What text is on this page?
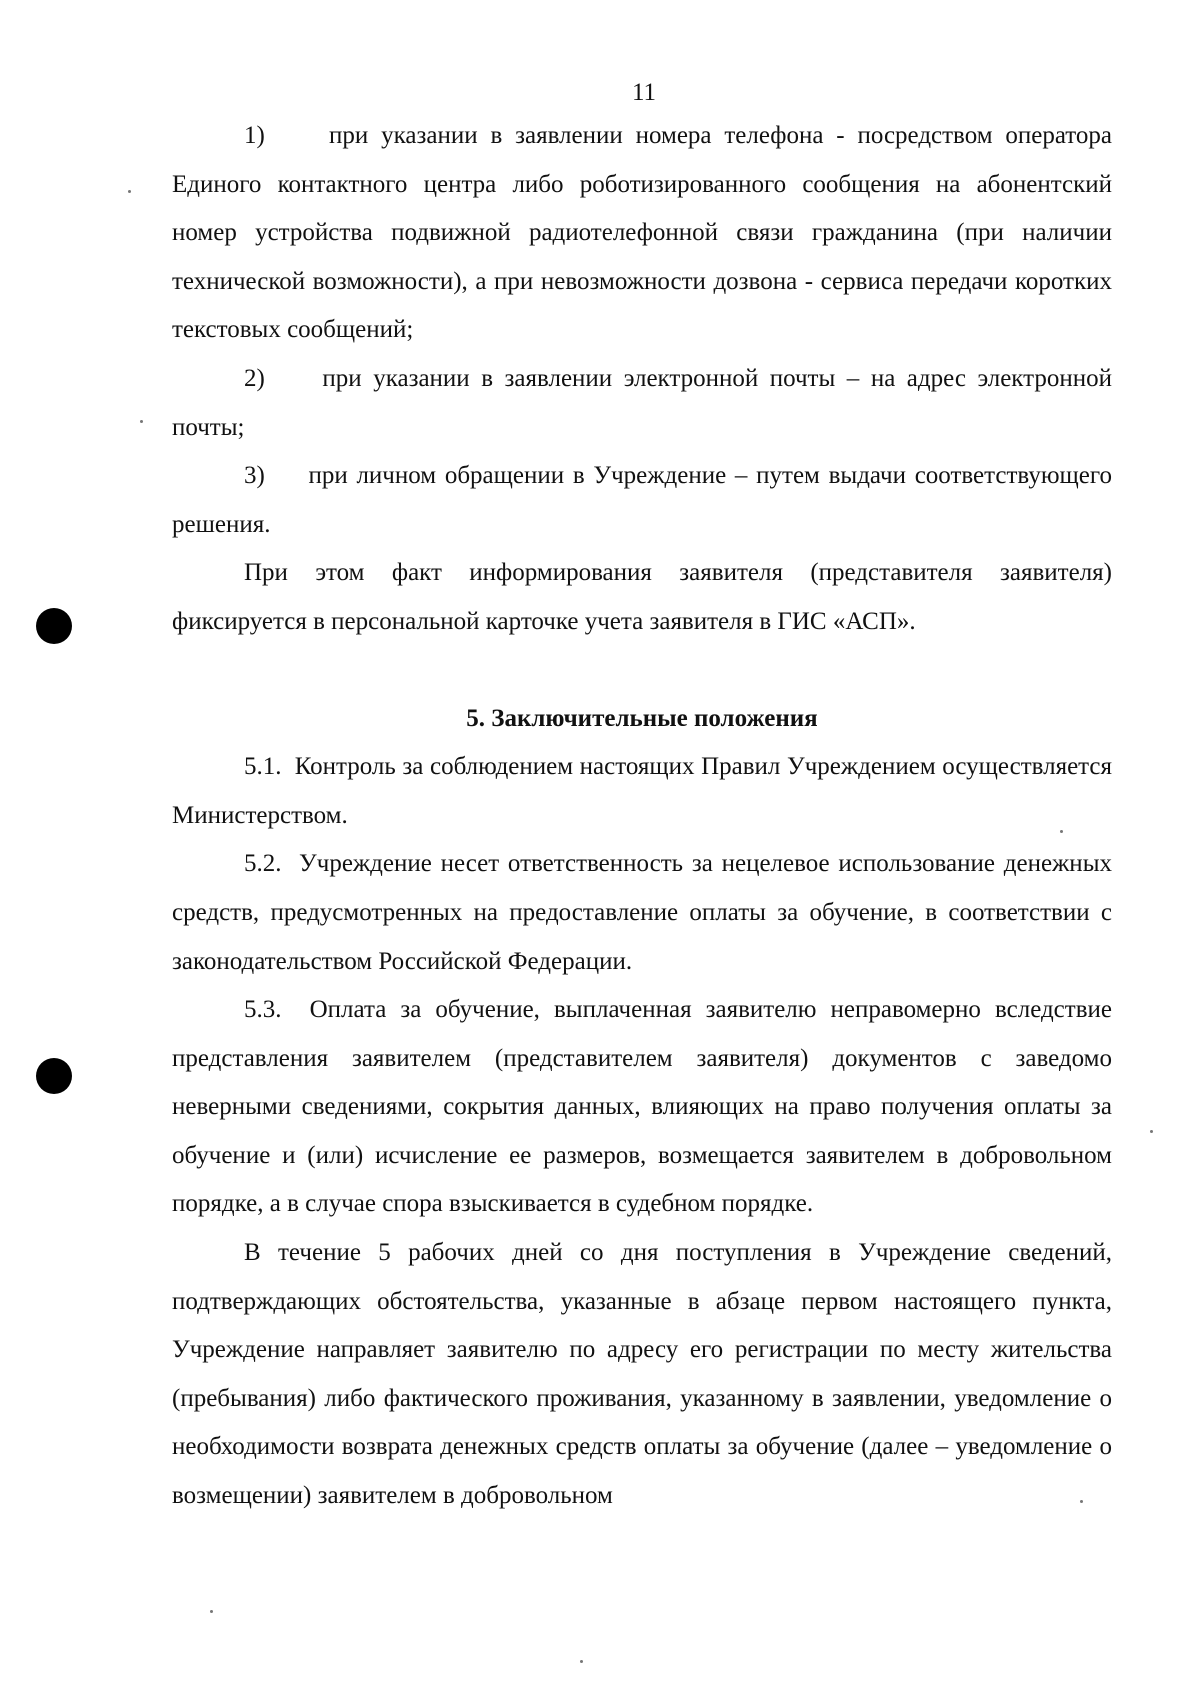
11

1)     при указании в заявлении номера телефона - посредством оператора Единого контактного центра либо роботизированного сообщения на абонентский номер устройства подвижной радиотелефонной связи гражданина (при наличии технической возможности), а при невозможности дозвона - сервиса передачи коротких текстовых сообщений;

2)     при указании в заявлении электронной почты – на адрес электронной почты;

3)     при личном обращении в Учреждение – путем выдачи соответствующего решения.

При этом факт информирования заявителя (представителя заявителя) фиксируется в персональной карточке учета заявителя в ГИС «АСП».

5. Заключительные положения

5.1.  Контроль за соблюдением настоящих Правил Учреждением осуществляется Министерством.

5.2.  Учреждение несет ответственность за нецелевое использование денежных средств, предусмотренных на предоставление оплаты за обучение, в соответствии с законодательством Российской Федерации.

5.3.  Оплата за обучение, выплаченная заявителю неправомерно вследствие представления заявителем (представителем заявителя) документов с заведомо неверными сведениями, сокрытия данных, влияющих на право получения оплаты за обучение и (или) исчисление ее размеров, возмещается заявителем в добровольном порядке, а в случае спора взыскивается в судебном порядке.

В течение 5 рабочих дней со дня поступления в Учреждение сведений, подтверждающих обстоятельства, указанные в абзаце первом настоящего пункта, Учреждение направляет заявителю по адресу его регистрации по месту жительства (пребывания) либо фактического проживания, указанному в заявлении, уведомление о необходимости возврата денежных средств оплаты за обучение (далее – уведомление о возмещении) заявителем в добровольном
